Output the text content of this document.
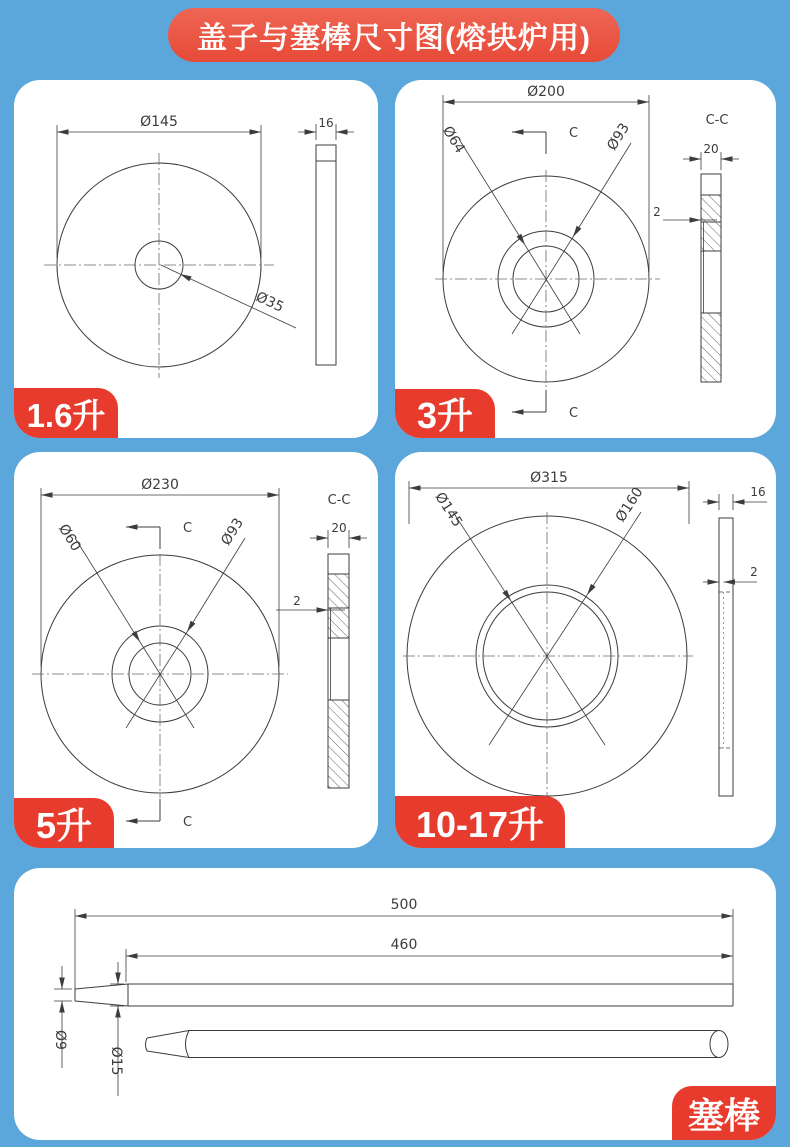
盖子与塞棒尺寸图(熔块炉用)
Ø145
Ø35
16
1.6升
Ø200
C
C
Ø64	Ø93	C-C
20
2
3升
Ø230
C
C
Ø60	Ø93
C-C
20
2
5升
Ø315
Ø145	Ø160	16
2
10-17升
500
460
Ø9
Ø15
塞棒
